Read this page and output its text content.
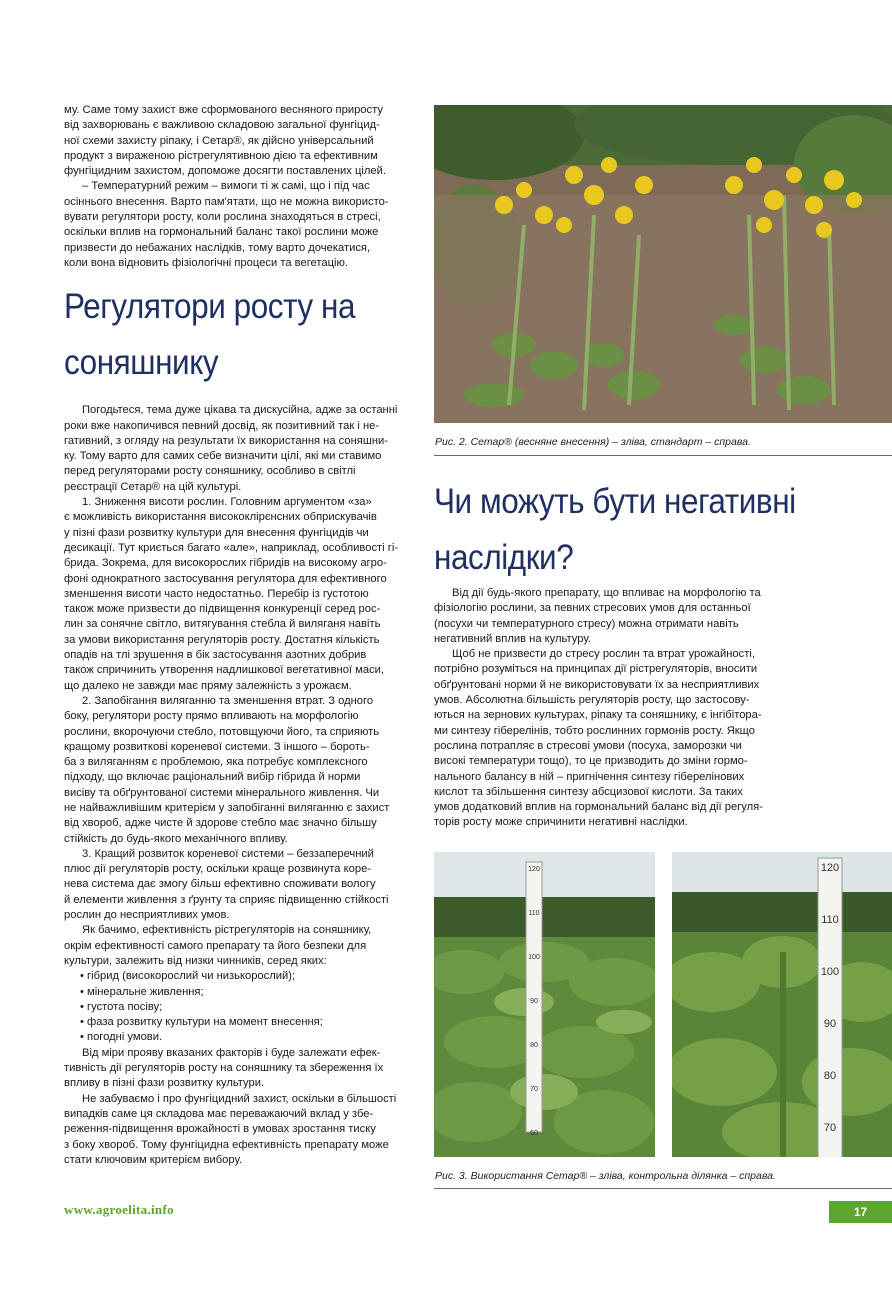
му. Саме тому захист вже сформованого весняного приросту
від захворювань є важливою складовою загальної фунгіцид-
ної схеми захисту ріпаку, і Сетар®, як дійсно універсальний
продукт з вираженою рістрегулятивною дією та ефективним
фунгіцидним захистом, допоможе досягти поставлених цілей.
– Температурний режим – вимоги ті ж самі, що і під час
осіннього внесення. Варто пам'ятати, що не можна використо-
вувати регулятори росту, коли рослина знаходяться в стресі,
оскільки вплив на гормональний баланс такої рослини може
призвести до небажаних наслідків, тому варто дочекатися,
коли вона відновить фізіологічні процеси та вегетацію.
Регулятори росту на
соняшнику
Погодьтеся, тема дуже цікава та дискусійна, адже за останні
роки вже накопичився певний досвід, як позитивний так і не-
гативний, з огляду на результати їх використання на соняшни-
ку. Тому варто для самих себе визначити цілі, які ми ставимо
перед регуляторами росту соняшнику, особливо в світлі
реєстрації Сетар® на цій культурі.
1. Зниження висоти рослин. Головним аргументом «за»
є можливість використання висококлірєнсних обприскувачів
у пізні фази розвитку культури для внесення фунгіцидів чи
десикації. Тут криється багато «але», наприклад, особливості гі-
брида. Зокрема, для високорослих гібридів на високому агро-
фоні однократного застосування регулятора для ефективного
зменшення висоти часто недостатньо. Перебір із густотою
також може призвести до підвищення конкуренції серед рос-
лин за сонячне світло, витягування стебла й виляганя навіть
за умови використання регуляторів росту. Достатня кількість
опадів на тлі зрушення в бік застосування азотних добрив
також спричинить утворення надлишкової вегетативної маси,
що далеко не завжди має пряму залежність з урожаєм.
2. Запобігання виляганню та зменшення втрат. З одного
боку, регулятори росту прямо впливають на морфологію
рослини, вкорочуючи стебло, потовщуючи його, та сприяють
кращому розвиткові кореневої системи. З іншого – бороть-
ба з виляганням є проблемою, яка потребує комплексного
підходу, що включає раціональний вибір гібрида й норми
висіву та обґрунтованої системи мінерального живлення. Чи
не найважливішим критерієм у запобіганні виляганню є захист
від хвороб, адже чисте й здорове стебло має значно більшу
стійкість до будь-якого механічного впливу.
3. Кращий розвиток кореневої системи – беззаперечний
плюс дії регуляторів росту, оскільки краще розвинута коре-
нева система дає змогу більш ефективно споживати вологу
й елементи живлення з ґрунту та сприяє підвищенню стійкості
рослин до несприятливих умов.
Як бачимо, ефективність рістрегуляторів на соняшнику,
окрім ефективності самого препарату та його безпеки для
культури, залежить від низки чинників, серед яких:
• гібрид (високорослий чи низькорослий);
• мінеральне живлення;
• густота посіву;
• фаза розвитку культури на момент внесення;
• погодні умови.
Від міри прояву вказаних факторів і буде залежати ефек-
тивність дії регуляторів росту на соняшнику та збереження їх
впливу в пізні фази розвитку культури.
Не забуваємо і про фунгіцидний захист, оскільки в більшості
випадків саме ця складова має переважаючий вклад у збе-
реження-підвищення врожайності в умовах зростання тиску
з боку хвороб. Тому фунгіцидна ефективність препарату може
стати ключовим критерієм вибору.
Рис. 2. Сетар® (весняне внесення) – зліва, стандарт – справа.
Чи можуть бути негативні
наслідки?
Від дії будь-якого препарату, що впливає на морфологію та
фізіологію рослини, за певних стресових умов для останньої
(посухи чи температурного стресу) можна отримати навіть
негативний вплив на культуру.
Щоб не призвести до стресу рослин та втрат урожайності,
потрібно розуміться на принципах дії рістрегуляторів, вносити
обґрунтовані норми й не використовувати їх за несприятливих
умов. Абсолютна більшість регуляторів росту, що застосову-
ються на зернових культурах, ріпаку та соняшнику, є інгібітора-
ми синтезу гіберелінів, тобто рослинних гормонів росту. Якщо
рослина потрапляє в стресові умови (посуха, заморозки чи
високі температури тощо), то це призводить до зміни гормо-
нального балансу в ній – пригнічення синтезу гіберелінових
кислот та збільшення синтезу абсцизової кислоти. За таких
умов додатковий вплив на гормональний баланс від дії регуля-
торів росту може спричинити негативні наслідки.
120
110
100
90
80
70
60
120
110
100
90
80
70
Рис. 3. Використання Сетар® – зліва, контрольна ділянка – справа.
www.agroelita.info	17
